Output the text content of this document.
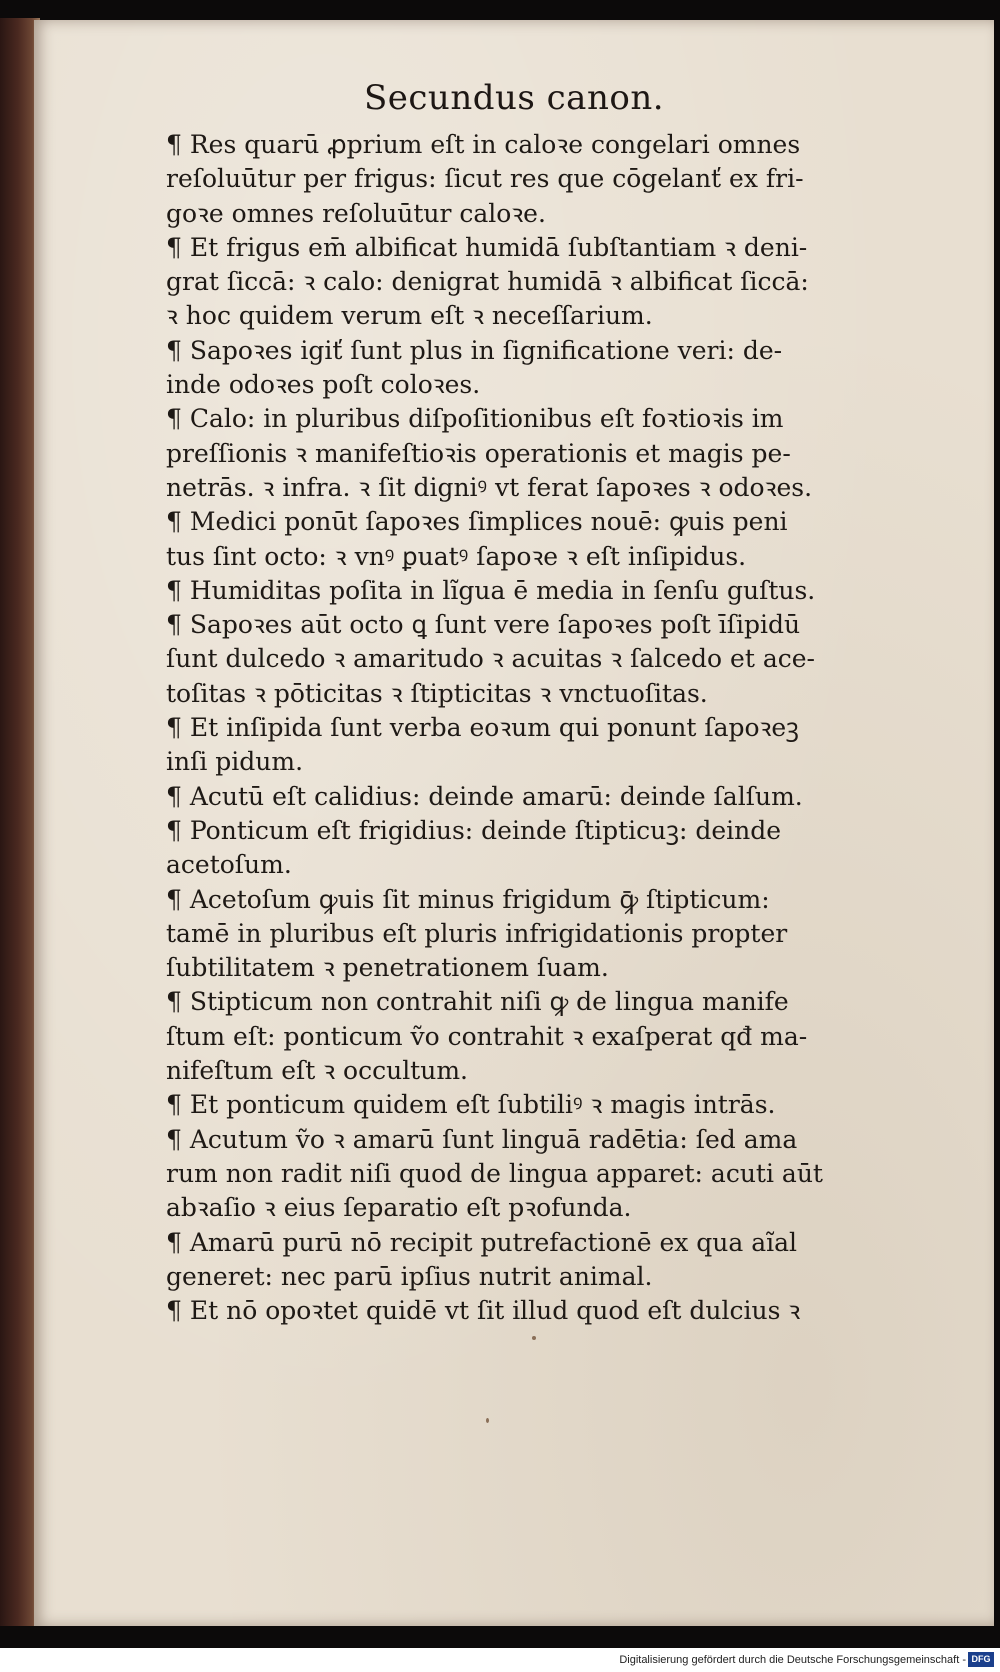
Secundus canon.
¶ Res quarū ꝓprium eſt in caloꝛe congelari omnes
reſoluūtur per frigus: ſicut res que cōgelanť ex fri-
goꝛe omnes reſoluūtur caloꝛe.
¶ Et frigus em̄ albificat humidā ſubſtantiam ꝛ deni-
grat ſiccā: ꝛ calo: denigrat humidā ꝛ albificat ſiccā:
ꝛ hoc quidem verum eſt ꝛ neceſſarium.
¶ Sapoꝛes igiť ſunt plus in ſignificatione veri: de-
inde odoꝛes poſt coloꝛes.
¶ Calo: in pluribus diſpoſitionibus eſt foꝛtioꝛis im
preſſionis ꝛ manifeſtioꝛis operationis et magis pe-
netrās. ꝛ infra. ꝛ ſit digniꝰ vt ferat ſapoꝛes ꝛ odoꝛes.
¶ Medici ponūt ſapoꝛes ſimplices nouē: ꝙuis peni
tus ſint octo: ꝛ vnꝰ ꝑuatꝰ ſapoꝛe ꝛ eſt inſipidus.
¶ Humiditas poſita in lĩgua ē media in ſenſu guſtus.
¶ Sapoꝛes aūt octo ꝗ ſunt vere ſapoꝛes poſt īſipidū
ſunt dulcedo ꝛ amaritudo ꝛ acuitas ꝛ ſalcedo et ace-
toſitas ꝛ pōticitas ꝛ ſtipticitas ꝛ vnctuoſitas.
¶ Et inſipida ſunt verba eoꝛum qui ponunt ſapoꝛeꝫ
inſi pidum.
¶ Acutū eſt calidius: deinde amarū: deinde ſalſum.
¶ Ponticum eſt frigidius: deinde ſtipticuꝫ: deinde
acetoſum.
¶ Acetoſum ꝙuis ſit minus frigidum ꝙ̄ ſtipticum:
tamē in pluribus eſt pluris infrigidationis propter
ſubtilitatem ꝛ penetrationem ſuam.
¶ Stipticum non contrahit niſi ꝙ de lingua manife
ſtum eſt: ponticum ṽo contrahit ꝛ exaſperat qđ ma-
nifeſtum eſt ꝛ occultum.
¶ Et ponticum quidem eſt ſubtiliꝰ ꝛ magis intrās.
¶ Acutum ṽo ꝛ amarū ſunt linguā radētia: ſed ama
rum non radit niſi quod de lingua apparet: acuti aūt
abꝛaſio ꝛ eius ſeparatio eſt pꝛofunda.
¶ Amarū purū nō recipit putrefactionē ex qua aĩal
generet: nec parū ipſius nutrit animal.
¶ Et nō opoꝛtet quidē vt ſit illud quod eſt dulcius ꝛ
Digitalisierung gefördert durch die Deutsche Forschungsgemeinschaft - DFG
